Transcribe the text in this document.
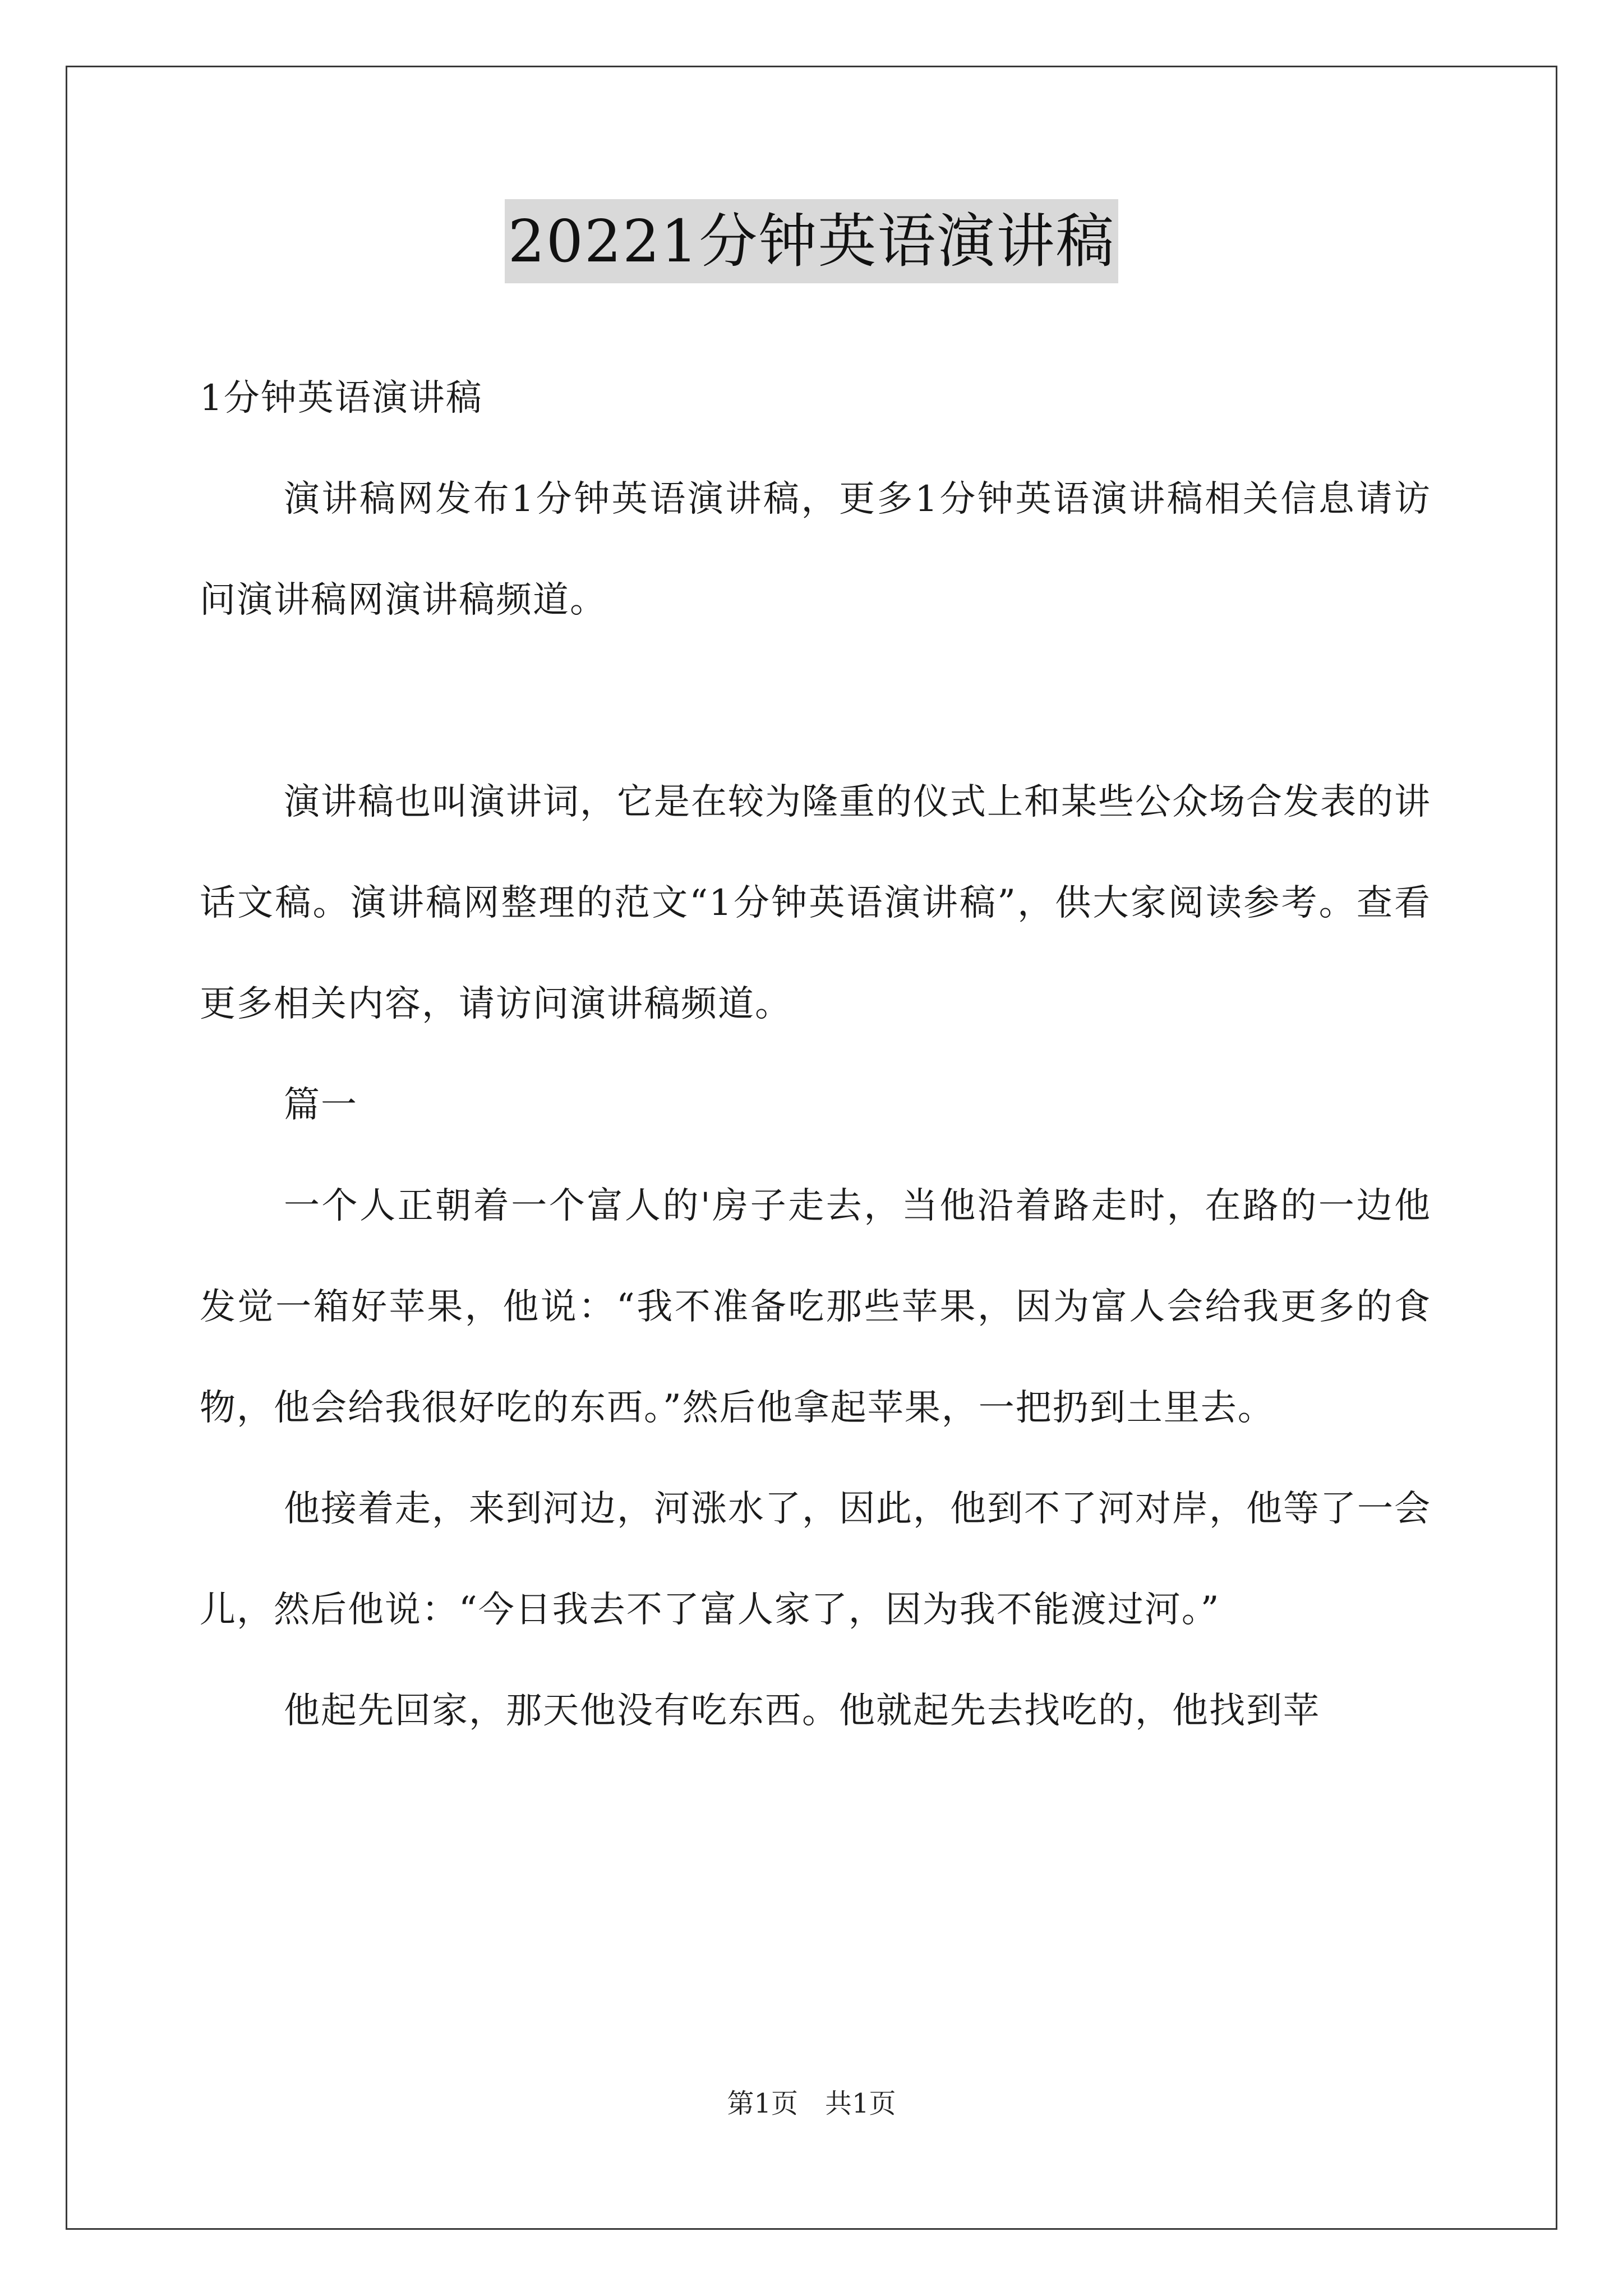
20221分钟英语演讲稿

1分钟英语演讲稿

演讲稿网发布1分钟英语演讲稿，更多1分钟英语演讲稿相关信息请访问演讲稿网演讲稿频道。

演讲稿也叫演讲词，它是在较为隆重的仪式上和某些公众场合发表的讲话文稿。演讲稿网整理的范文“1分钟英语演讲稿”，供大家阅读参考。查看更多相关内容，请访问演讲稿频道。

篇一

一个人正朝着一个富人的'房子走去，当他沿着路走时，在路的一边他发觉一箱好苹果，他说：“我不准备吃那些苹果，因为富人会给我更多的食物，他会给我很好吃的东西。”然后他拿起苹果，一把扔到土里去。

他接着走，来到河边，河涨水了，因此，他到不了河对岸，他等了一会儿，然后他说：“今日我去不了富人家了，因为我不能渡过河。”

他起先回家，那天他没有吃东西。他就起先去找吃的，他找到苹

第1页 共1页
